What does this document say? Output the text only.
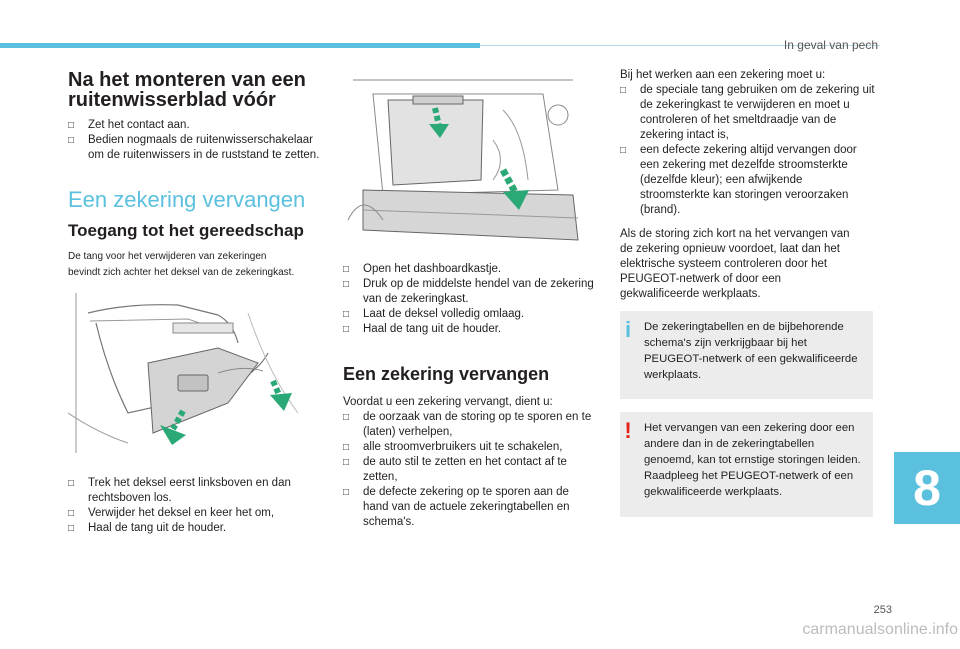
In geval van pech
Na het monteren van een
ruitenwisserblad vóór
□ Zet het contact aan.
□ Bedien nogmaals de ruitenwisserschakelaar om de ruitenwissers in de ruststand te zetten.
Een zekering vervangen
Toegang tot het gereedschap
De tang voor het verwijderen van zekeringen
bevindt zich achter het deksel van de zekeringkast.
□ Trek het deksel eerst linksboven en dan rechtsboven los.
□ Verwijder het deksel en keer het om,
□ Haal de tang uit de houder.
□ Open het dashboardkastje.
□ Druk op de middelste hendel van de zekering van de zekeringkast.
□ Laat de deksel volledig omlaag.
□ Haal de tang uit de houder.
Een zekering vervangen
Voordat u een zekering vervangt, dient u:
□ de oorzaak van de storing op te sporen en te (laten) verhelpen,
□ alle stroomverbruikers uit te schakelen,
□ de auto stil te zetten en het contact af te zetten,
□ de defecte zekering op te sporen aan de hand van de actuele zekeringtabellen en schema's.
Bij het werken aan een zekering moet u:
□ de speciale tang gebruiken om de zekering uit de zekeringkast te verwijderen en moet u controleren of het smeltdraadje van de zekering intact is,
□ een defecte zekering altijd vervangen door een zekering met dezelfde stroomsterkte (dezelfde kleur); een afwijkende stroomsterkte kan storingen veroorzaken (brand).

Als de storing zich kort na het vervangen van de zekering opnieuw voordoet, laat dan het elektrische systeem controleren door het PEUGEOT-netwerk of door een gekwalificeerde werkplaats.

i	De zekeringtabellen en de bijbehorende schema's zijn verkrijgbaar bij het PEUGEOT-netwerk of een gekwalificeerde werkplaats.
!	Het vervangen van een zekering door een andere dan in de zekeringtabellen genoemd, kan tot ernstige storingen leiden. Raadpleeg het PEUGEOT-netwerk of een gekwalificeerde werkplaats.	8
253
carmanualsonline.info
